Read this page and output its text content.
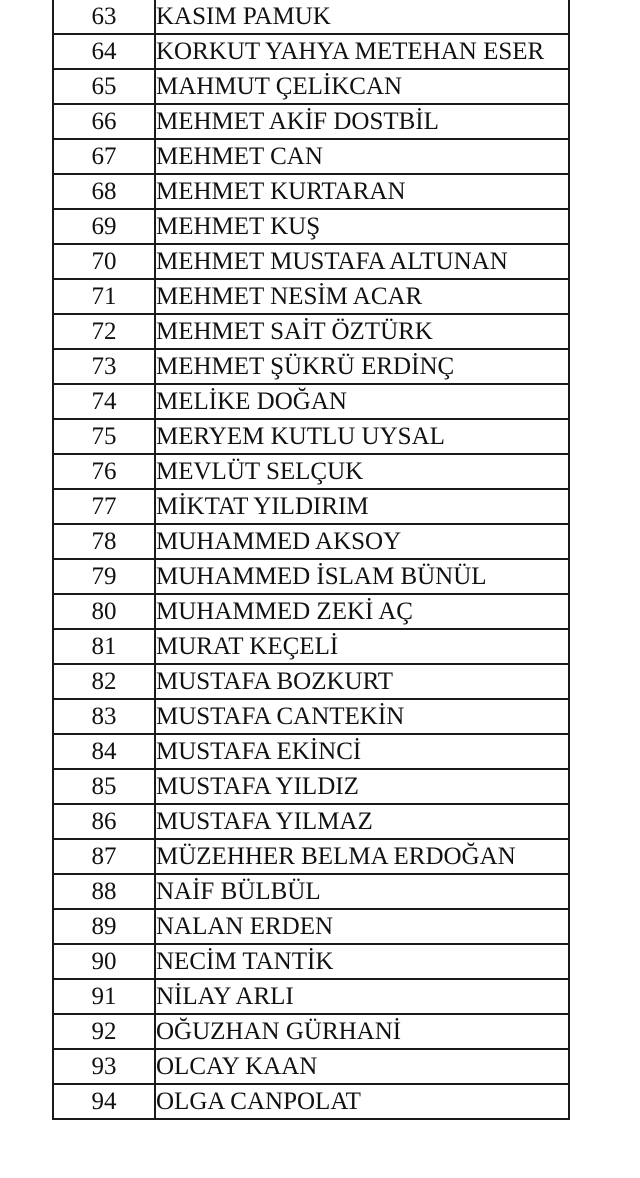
63	KASIM PAMUK
64	KORKUT YAHYA METEHAN ESER
65	MAHMUT ÇELİKCAN
66	MEHMET AKİF DOSTBİL
67	MEHMET CAN
68	MEHMET KURTARAN
69	MEHMET KUŞ
70	MEHMET MUSTAFA ALTUNAN
71	MEHMET NESİM ACAR
72	MEHMET SAİT ÖZTÜRK
73	MEHMET ŞÜKRÜ ERDİNÇ
74	MELİKE DOĞAN
75	MERYEM KUTLU UYSAL
76	MEVLÜT SELÇUK
77	MİKTAT YILDIRIM
78	MUHAMMED AKSOY
79	MUHAMMED İSLAM BÜNÜL
80	MUHAMMED ZEKİ AÇ
81	MURAT KEÇELİ
82	MUSTAFA BOZKURT
83	MUSTAFA CANTEKİN
84	MUSTAFA EKİNCİ
85	MUSTAFA YILDIZ
86	MUSTAFA YILMAZ
87	MÜZEHHER BELMA ERDOĞAN
88	NAİF BÜLBÜL
89	NALAN ERDEN
90	NECİM TANTİK
91	NİLAY ARLI
92	OĞUZHAN GÜRHANİ
93	OLCAY KAAN
94	OLGA CANPOLAT
